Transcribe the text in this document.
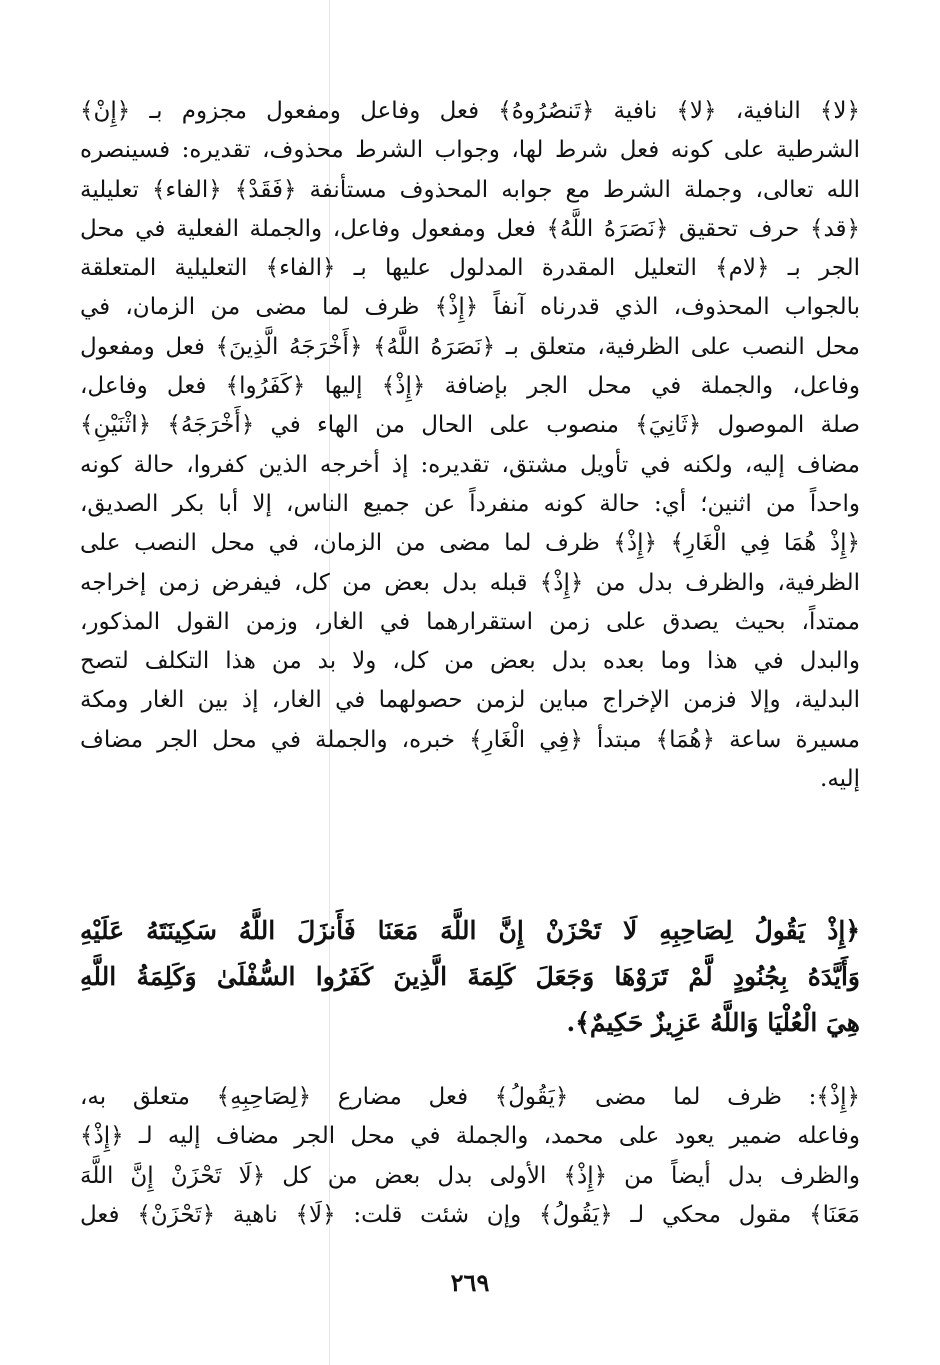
﴿لا﴾ النافية، ﴿لا﴾ نافية ﴿تَنصُرُوهُ﴾ فعل وفاعل ومفعول مجزوم بـ ﴿إِنْ﴾
الشرطية على كونه فعل شرط لها، وجواب الشرط محذوف، تقديره: فسينصره
الله تعالى، وجملة الشرط مع جوابه المحذوف مستأنفة ﴿فَقَدْ﴾ ﴿الفاء﴾ تعليلية
﴿قد﴾ حرف تحقيق ﴿نَصَرَهُ اللَّهُ﴾ فعل ومفعول وفاعل، والجملة الفعلية في محل
الجر بـ ﴿لام﴾ التعليل المقدرة المدلول عليها بـ ﴿الفاء﴾ التعليلية المتعلقة
بالجواب المحذوف، الذي قدرناه آنفاً ﴿إِذْ﴾ ظرف لما مضى من الزمان، في
محل النصب على الظرفية، متعلق بـ ﴿نَصَرَهُ اللَّهُ﴾ ﴿أَخْرَجَهُ الَّذِينَ﴾ فعل ومفعول
وفاعل، والجملة في محل الجر بإضافة ﴿إِذْ﴾ إليها ﴿كَفَرُوا﴾ فعل وفاعل،
صلة الموصول ﴿ثَانِيَ﴾ منصوب على الحال من الهاء في ﴿أَخْرَجَهُ﴾ ﴿اثْنَيْنِ﴾
مضاف إليه، ولكنه في تأويل مشتق، تقديره: إذ أخرجه الذين كفروا، حالة كونه
واحداً من اثنين؛ أي: حالة كونه منفرداً عن جميع الناس، إلا أبا بكر الصديق،
﴿إِذْ هُمَا فِي الْغَارِ﴾ ﴿إِذْ﴾ ظرف لما مضى من الزمان، في محل النصب على
الظرفية، والظرف بدل من ﴿إِذْ﴾ قبله بدل بعض من كل، فيفرض زمن إخراجه
ممتداً، بحيث يصدق على زمن استقرارهما في الغار، وزمن القول المذكور،
والبدل في هذا وما بعده بدل بعض من كل، ولا بد من هذا التكلف لتصح
البدلية، وإلا فزمن الإخراج مباين لزمن حصولهما في الغار، إذ بين الغار ومكة
مسيرة ساعة ﴿هُمَا﴾ مبتدأ ﴿فِي الْغَارِ﴾ خبره، والجملة في محل الجر مضاف
إليه.
﴿إِذْ يَقُولُ لِصَاحِبِهِ لَا تَحْزَنْ إِنَّ اللَّهَ مَعَنَا فَأَنزَلَ اللَّهُ سَكِينَتَهُ عَلَيْهِ
وَأَيَّدَهُ بِجُنُودٍ لَّمْ تَرَوْهَا وَجَعَلَ كَلِمَةَ الَّذِينَ كَفَرُوا السُّفْلَىٰ وَكَلِمَةُ اللَّهِ
هِيَ الْعُلْيَا وَاللَّهُ عَزِيزٌ حَكِيمٌ﴾.
﴿إِذْ﴾: ظرف لما مضى ﴿يَقُولُ﴾ فعل مضارع ﴿لِصَاحِبِهِ﴾ متعلق به،
وفاعله ضمير يعود على محمد، والجملة في محل الجر مضاف إليه لـ ﴿إِذْ﴾
والظرف بدل أيضاً من ﴿إِذْ﴾ الأولى بدل بعض من كل ﴿لَا تَحْزَنْ إِنَّ اللَّهَ
مَعَنَا﴾ مقول محكي لـ ﴿يَقُولُ﴾ وإن شئت قلت: ﴿لَا﴾ ناهية ﴿تَحْزَنْ﴾ فعل
٢٦٩
